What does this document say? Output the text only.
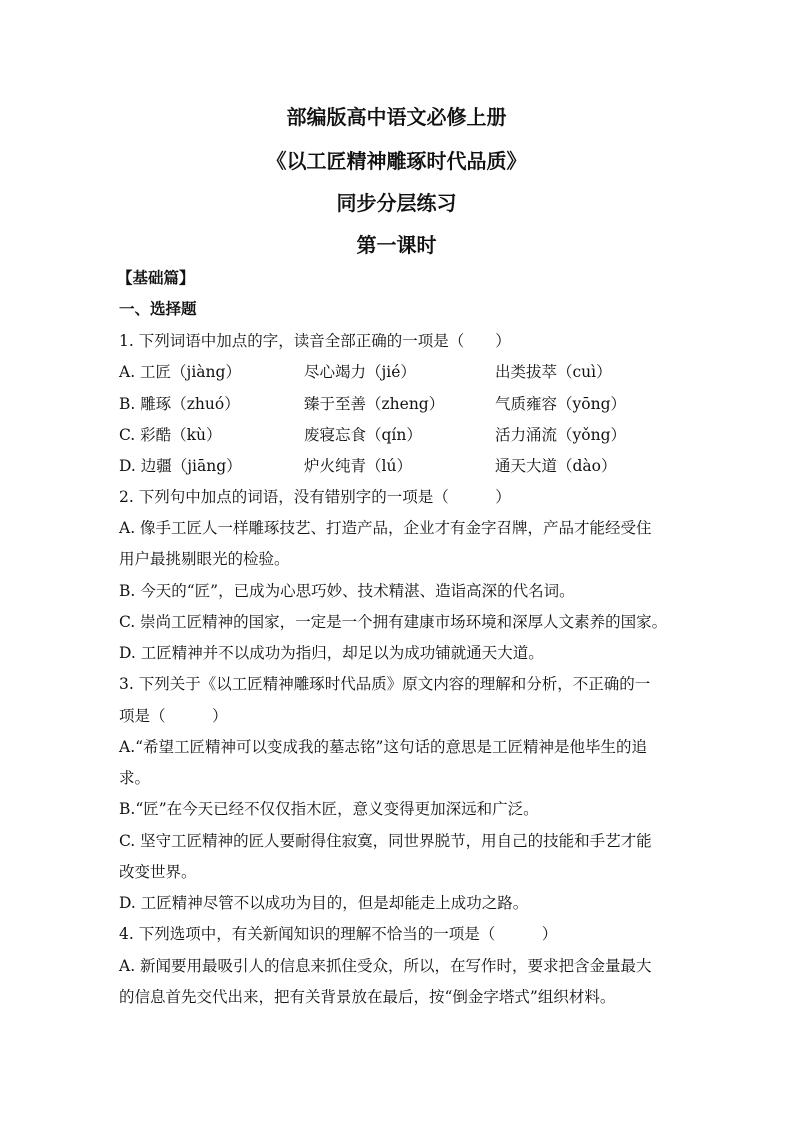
部编版高中语文必修上册
《以工匠精神雕琢时代品质》
同步分层练习
第一课时
【基础篇】
一、选择题
1. 下列词语中加点的字，读音全部正确的一项是（　　）
A. 工匠（jiàng）	尽心竭力（jié）	出类拔萃（cuì）
B. 雕琢（zhuó）	臻于至善（zheng）	气质雍容（yōng）
C. 彩酷（kù）	废寝忘食（qín）	活力涌流（yǒng）
D. 边疆（jiāng）	炉火纯青（lú）	通天大道（dào）
2. 下列句中加点的词语，没有错别字的一项是（　　　）
A. 像手工匠人一样雕琢技艺、打造产品，企业才有金字召牌，产品才能经受住
用户最挑剔眼光的检验。
B. 今天的“匠”，已成为心思巧妙、技术精湛、造诣高深的代名词。
C. 崇尚工匠精神的国家，一定是一个拥有建康市场环境和深厚人文素养的国家。
D. 工匠精神并不以成功为指归，却足以为成功铺就通天大道。
3. 下列关于《以工匠精神雕琢时代品质》原文内容的理解和分析，不正确的一
项是（　　　）
A.“希望工匠精神可以变成我的墓志铭”这句话的意思是工匠精神是他毕生的追
求。
B.“匠”在今天已经不仅仅指木匠，意义变得更加深远和广泛。
C. 坚守工匠精神的匠人要耐得住寂寞，同世界脱节，用自己的技能和手艺才能
改变世界。
D. 工匠精神尽管不以成功为目的，但是却能走上成功之路。
4. 下列选项中，有关新闻知识的理解不恰当的一项是（　　　）
A. 新闻要用最吸引人的信息来抓住受众，所以，在写作时，要求把含金量最大
的信息首先交代出来，把有关背景放在最后，按“倒金字塔式”组织材料。
